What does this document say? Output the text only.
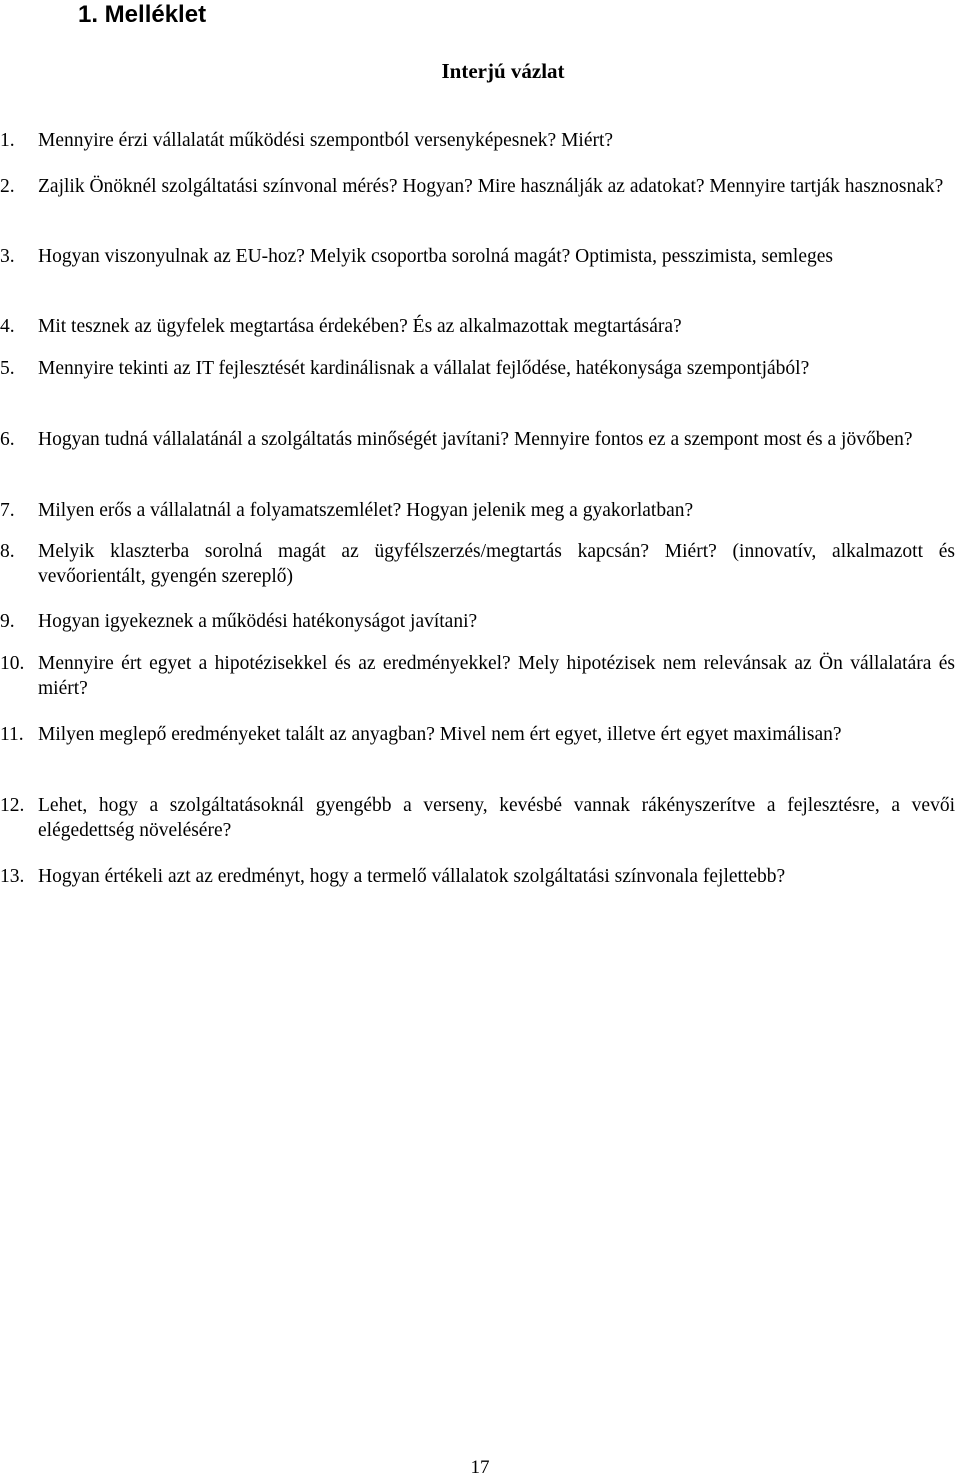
1. Melléklet
Interjú vázlat
1.	Mennyire érzi vállalatát működési szempontból versenyképesnek? Miért?
2.	Zajlik Önöknél szolgáltatási színvonal mérés? Hogyan? Mire használják az adatokat? Mennyire tartják hasznosnak?
3.	Hogyan viszonyulnak az EU-hoz? Melyik csoportba sorolná magát? Optimista, pesszimista, semleges
4.	Mit tesznek az ügyfelek megtartása érdekében? És az alkalmazottak megtartására?
5.	Mennyire tekinti az IT fejlesztését kardinálisnak a vállalat fejlődése, hatékonysága szempontjából?
6.	Hogyan tudná vállalatánál a szolgáltatás minőségét javítani? Mennyire fontos ez a szempont most és a jövőben?
7.	Milyen erős a vállalatnál a folyamatszemlélet? Hogyan jelenik meg a gyakorlatban?
8.	Melyik klaszterba sorolná magát az ügyfélszerzés/megtartás kapcsán? Miért? (innovatív, alkalmazott és vevőorientált, gyengén szereplő)
9.	Hogyan igyekeznek a működési hatékonyságot javítani?
10. Mennyire ért egyet a hipotézisekkel és az eredményekkel? Mely hipotézisek nem relevánsak az Ön vállalatára és miért?
11. Milyen meglepő eredményeket talált az anyagban? Mivel nem ért egyet, illetve ért egyet maximálisan?
12. Lehet, hogy a szolgáltatásoknál gyengébb a verseny, kevésbé vannak rákényszerítve a fejlesztésre, a vevői elégedettség növelésére?
13. Hogyan értékeli azt az eredményt, hogy a termelő vállalatok szolgáltatási színvonala fejlettebb?
17
